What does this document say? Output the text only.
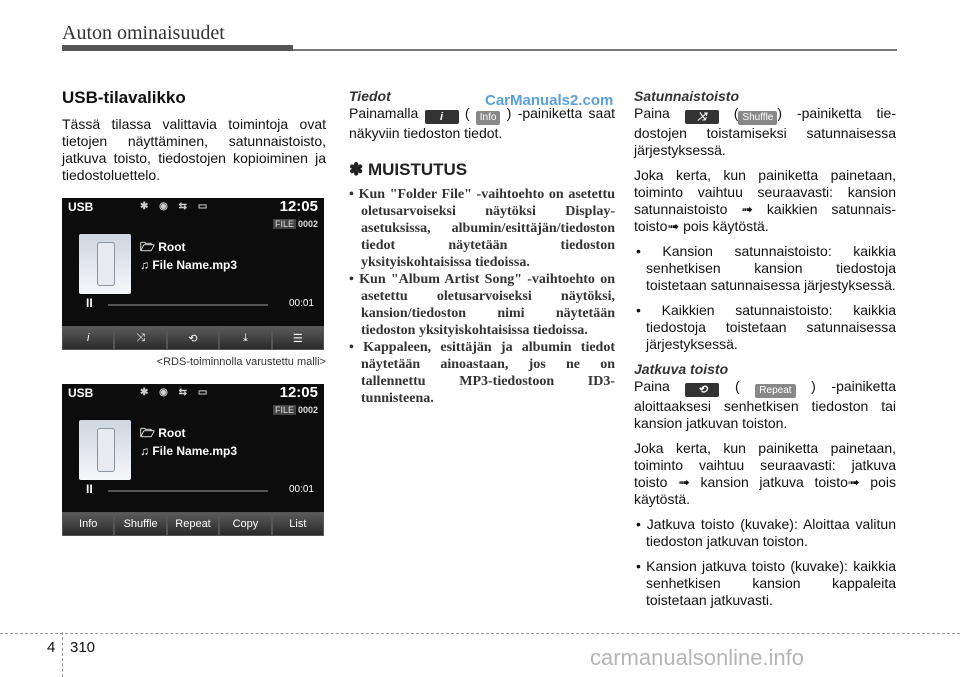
Auton ominaisuudet
CarManuals2.com
USB-tilavalikko

Tässä tilassa valittavia toimintoja ovat tietojen näyttäminen, satunnaistoisto, jatkuva toisto, tiedostojen kopioiminen ja tiedostoluettelo.

USB	✱ ◉ ⇆ ▭	12:05
FILE 0002
🗁 Root
♫ File Name.mp3
II	00:01
i	⤨	⟲	⤓	☰
<RDS-toiminnolla varustettu malli>
USB	✱ ◉ ⇆ ▭	12:05
FILE 0002
🗁 Root
♫ File Name.mp3
II	00:01
Info	Shuffle	Repeat	Copy	List
Tiedot

Painamalla i ( Info ) -painiketta saat näkyviin tiedoston tiedot.

✽ MUISTUTUS
• Kun "Folder File" -vaihtoehto on asetettu oletusarvoiseksi näytöksi Display-asetuksissa, albumin/esittäjän/tiedoston tiedot näytetään tiedoston yksityiskohtaisissa tiedoissa.
• Kun "Album Artist Song" -vaihtoehto on asetettu oletusarvoiseksi näytöksi, kansion/tiedoston nimi näytetään tiedoston yksityiskohtaisissa tiedoissa.
• Kappaleen, esittäjän ja albumin tiedot näytetään ainoastaan, jos ne on tallennettu MP3-tiedostoon ID3-tunnisteena.
Satunnaistoisto

Paina	⤨ ( Shuffle ) -painiketta tiedostojen toistamiseksi satunnaisessa järjestyksessä.

Joka kerta, kun painiketta painetaan, toiminto vaihtuu seuraavasti: kansion satunnaistoisto ➟ kaikkien satunnaistoisto➟ pois käytöstä.

• Kansion satunnaistoisto: kaikkia senhetkisen kansion tiedostoja toistetaan satunnaisessa järjestyksessä.
• Kaikkien satunnaistoisto: kaikkia tiedostoja toistetaan satunnaisessa järjestyksessä.
Jatkuva toisto

Paina	⟲ ( Repeat ) -painiketta aloittaaksesi senhetkisen tiedoston tai kansion jatkuvan toiston.

Joka kerta, kun painiketta painetaan, toiminto vaihtuu seuraavasti: jatkuva toisto ➟ kansion jatkuva toisto➟ pois käytöstä.

• Jatkuva toisto (kuvake): Aloittaa valitun tiedoston jatkuvan toiston.
• Kansion jatkuva toisto (kuvake): kaikkia senhetkisen kansion kappaleita toistetaan jatkuvasti.
4 310	carmanualsonline.info
